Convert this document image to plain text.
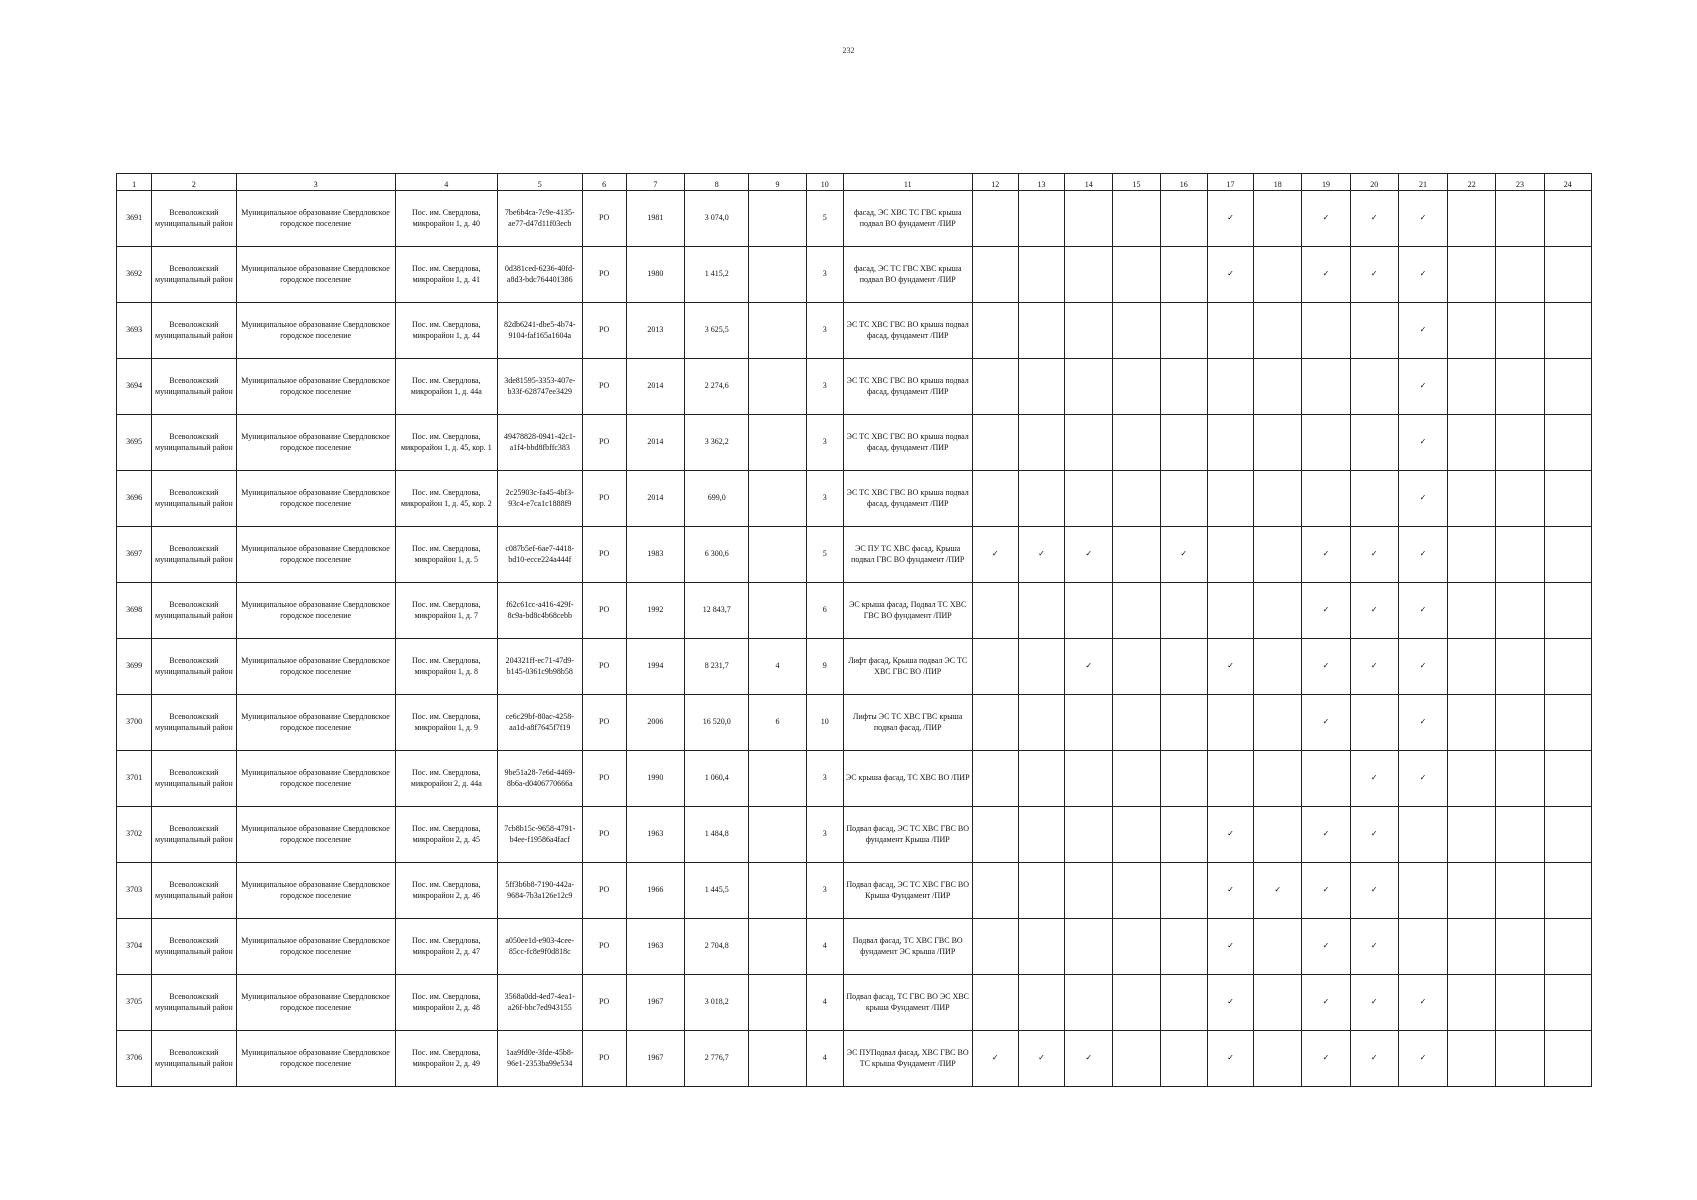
232
1	2	3	4	5	6	7	8	9	10	11	12	13	14	15	16	17	18	19	20	21	22	23	24
3691	Всеволожский муниципальный район	Муниципальное образование Свердловское городское поселение	Пос. им. Свердлова, микрорайон 1, д. 40	7be6b4ca-7c9e-4135-ae77-d47d11f03ecb	РО	1981	3 074,0		5	фасад, ЭС ХВС ТС ГВС крыша подвал ВО фундамент /ПИР						✓		✓	✓	✓			
3692	Всеволожский муниципальный район	Муниципальное образование Свердловское городское поселение	Пос. им. Свердлова, микрорайон 1, д. 41	0d381ced-6236-40fd-a8d3-bdc764401386	РО	1980	1 415,2		3	фасад, ЭС ТС ГВС ХВС крыша подвал ВО фундамент /ПИР						✓		✓	✓	✓			
3693	Всеволожский муниципальный район	Муниципальное образование Свердловское городское поселение	Пос. им. Свердлова, микрорайон 1, д. 44	82db6241-dbe5-4b74-9104-faf165a1604a	РО	2013	3 625,5		3	ЭС ТС ХВС ГВС ВО крыша подвал фасад, фундамент /ПИР										✓			
3694	Всеволожский муниципальный район	Муниципальное образование Свердловское городское поселение	Пос. им. Свердлова, микрорайон 1, д. 44а	3de81595-3353-407e-b33f-628747ee3429	РО	2014	2 274,6		3	ЭС ТС ХВС ГВС ВО крыша подвал фасад, фундамент /ПИР										✓			
3695	Всеволожский муниципальный район	Муниципальное образование Свердловское городское поселение	Пос. им. Свердлова, микрорайон 1, д. 45, кор. 1	49478828-0941-42c1-a1f4-bbd8fbffc383	РО	2014	3 362,2		3	ЭС ТС ХВС ГВС ВО крыша подвал фасад, фундамент /ПИР										✓			
3696	Всеволожский муниципальный район	Муниципальное образование Свердловское городское поселение	Пос. им. Свердлова, микрорайон 1, д. 45, кор. 2	2c25903c-fa45-4bf3-93c4-e7ca1c1888f9	РО	2014	699,0		3	ЭС ТС ХВС ГВС ВО крыша подвал фасад, фундамент /ПИР										✓			
3697	Всеволожский муниципальный район	Муниципальное образование Свердловское городское поселение	Пос. им. Свердлова, микрорайон 1, д. 5	c087b5ef-6ae7-4418-bd10-ecce224a444f	РО	1983	6 300,6		5	ЭС ПУ ТС ХВС фасад, Крыша подвал ГВС ВО фундамент /ПИР	✓	✓	✓		✓			✓	✓	✓			
3698	Всеволожский муниципальный район	Муниципальное образование Свердловское городское поселение	Пос. им. Свердлова, микрорайон 1, д. 7	f62c61cc-a416-429f-8c9a-bd8c4b68cebb	РО	1992	12 843,7		6	ЭС крыша фасад, Подвал ТС ХВС ГВС ВО фундамент /ПИР								✓	✓	✓			
3699	Всеволожский муниципальный район	Муниципальное образование Свердловское городское поселение	Пос. им. Свердлова, микрорайон 1, д. 8	204321ff-ec71-47d9-b145-0361c9b98b58	РО	1994	8 231,7	4	9	Лифт фасад, Крыша подвал ЭС ТС ХВС ГВС ВО /ПИР			✓			✓		✓	✓	✓			
3700	Всеволожский муниципальный район	Муниципальное образование Свердловское городское поселение	Пос. им. Свердлова, микрорайон 1, д. 9	ce6c29bf-80ac-4258-aa1d-a8f7645f7f19	РО	2006	16 520,0	6	10	Лифты ЭС ТС ХВС ГВС крыша подвал фасад, /ПИР								✓		✓			
3701	Всеволожский муниципальный район	Муниципальное образование Свердловское городское поселение	Пос. им. Свердлова, микрорайон 2, д. 44а	9be51a28-7e6d-4469-8b6a-d0406770666a	РО	1990	1 060,4		3	ЭС крыша фасад, ТС ХВС ВО /ПИР									✓	✓			
3702	Всеволожский муниципальный район	Муниципальное образование Свердловское городское поселение	Пос. им. Свердлова, микрорайон 2, д. 45	7cb8b15c-9658-4791-b4ee-f19586a4facf	РО	1963	1 484,8		3	Подвал фасад, ЭС ТС ХВС ГВС ВО фундамент Крыша /ПИР						✓		✓	✓				
3703	Всеволожский муниципальный район	Муниципальное образование Свердловское городское поселение	Пос. им. Свердлова, микрорайон 2, д. 46	5ff3b6b8-7190-442a-9684-7b3a126e12c9	РО	1966	1 445,5		3	Подвал фасад, ЭС ТС ХВС ГВС ВО Крыша Фундамент /ПИР						✓	✓	✓	✓				
3704	Всеволожский муниципальный район	Муниципальное образование Свердловское городское поселение	Пос. им. Свердлова, микрорайон 2, д. 47	a050ee1d-e903-4cee-85cc-fc8e9f0d818c	РО	1963	2 704,8		4	Подвал фасад, ТС ХВС ГВС ВО фундамент ЭС крыша /ПИР						✓		✓	✓				
3705	Всеволожский муниципальный район	Муниципальное образование Свердловское городское поселение	Пос. им. Свердлова, микрорайон 2, д. 48	3568a0dd-4ed7-4ea1-a26f-bbc7ed943155	РО	1967	3 018,2		4	Подвал фасад, ТС ГВС ВО ЭС ХВС крыша Фундамент /ПИР						✓		✓	✓	✓			
3706	Всеволожский муниципальный район	Муниципальное образование Свердловское городское поселение	Пос. им. Свердлова, микрорайон 2, д. 49	1aa9fd0e-3fde-45b8-96e1-2353ba99e534	РО	1967	2 776,7		4	ЭС ПУПодвал фасад, ХВС ГВС ВО ТС крыша Фундамент /ПИР	✓	✓	✓			✓		✓	✓	✓			
